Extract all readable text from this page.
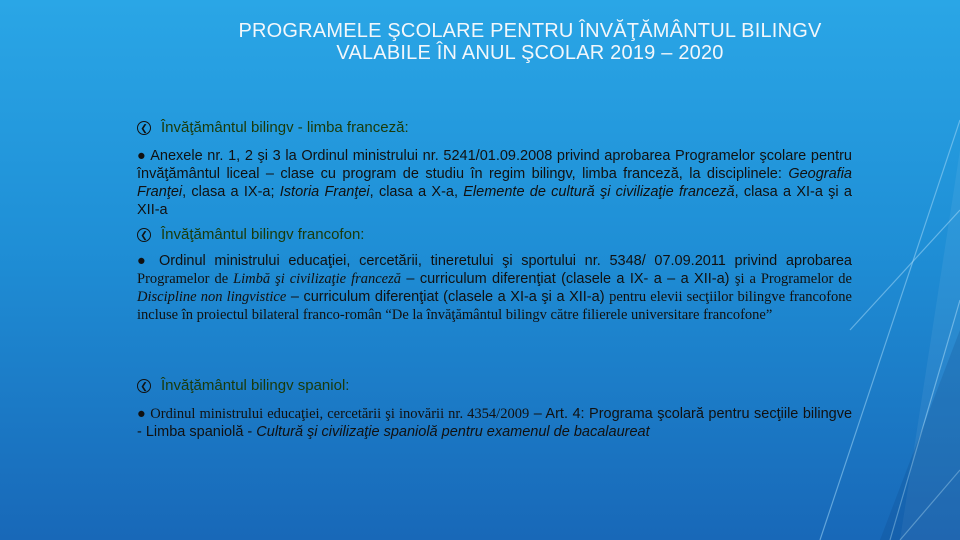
PROGRAMELE ŞCOLARE PENTRU ÎNVĂŢĂMÂNTUL BILINGV
VALABILE ÎN ANUL ŞCOLAR 2019 – 2020
❮ Învăţământul bilingv - limba franceză:
● Anexele nr. 1, 2 şi 3 la Ordinul ministrului nr. 5241/01.09.2008 privind aprobarea Programelor şcolare pentru învăţământul liceal – clase cu program de studiu în regim bilingv, limba franceză, la disciplinele: Geografia Franţei, clasa a IX-a; Istoria Franţei, clasa a X-a, Elemente de cultură şi civilizaţie franceză, clasa a XI-a şi a XII-a
❮ Învăţământul bilingv francofon:
● Ordinul ministrului educaţiei, cercetării, tineretului şi sportului nr. 5348/ 07.09.2011 privind aprobarea Programelor de Limbă şi civilizaţie franceză – curriculum diferenţiat (clasele a IX- a – a XII-a) şi a Programelor de Discipline non lingvistice – curriculum diferenţiat (clasele a XI-a şi a XII-a) pentru elevii secţiilor bilingve francofone incluse în proiectul bilateral franco-român “De la învăţământul bilingv către filierele universitare francofone”
❮ Învăţământul bilingv spaniol:
● Ordinul ministrului educaţiei, cercetării şi inovării nr. 4354/2009 – Art. 4: Programa şcolară pentru secţiile bilingve - Limba spaniolă - Cultură şi civilizaţie spaniolă pentru examenul de bacalaureat
